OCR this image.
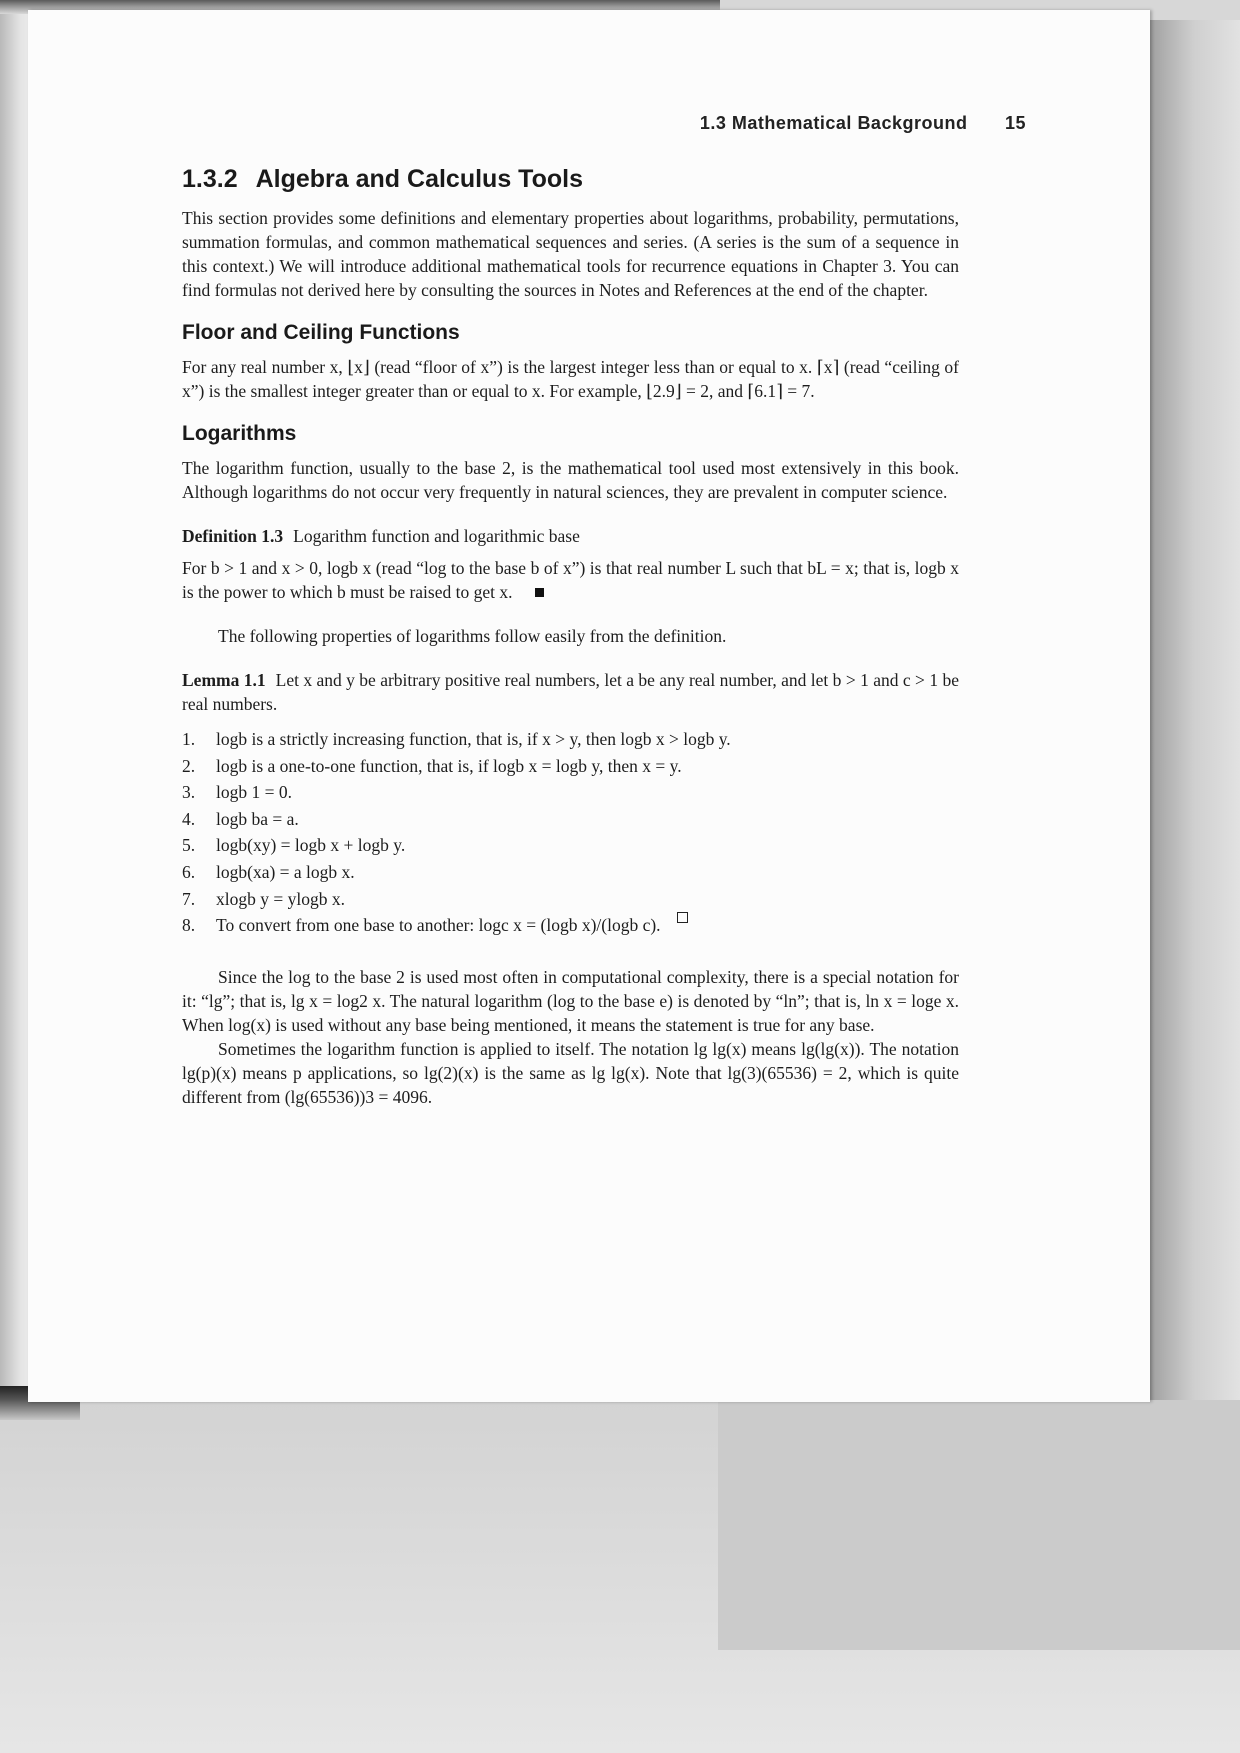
1.3 Mathematical Background 15
1.3.2 Algebra and Calculus Tools

This section provides some definitions and elementary properties about logarithms, probability, permutations, summation formulas, and common mathematical sequences and series. (A series is the sum of a sequence in this context.) We will introduce additional mathematical tools for recurrence equations in Chapter 3. You can find formulas not derived here by consulting the sources in Notes and References at the end of the chapter.

Floor and Ceiling Functions

For any real number x, ⌊x⌋ (read “floor of x”) is the largest integer less than or equal to x. ⌈x⌉ (read “ceiling of x”) is the smallest integer greater than or equal to x. For example, ⌊2.9⌋ = 2, and ⌈6.1⌉ = 7.

Logarithms

The logarithm function, usually to the base 2, is the mathematical tool used most extensively in this book. Although logarithms do not occur very frequently in natural sciences, they are prevalent in computer science.

Definition 1.3 Logarithm function and logarithmic base

For b > 1 and x > 0, logb x (read “log to the base b of x”) is that real number L such that bL = x; that is, logb x is the power to which b must be raised to get x.

The following properties of logarithms follow easily from the definition.

Lemma 1.1 Let x and y be arbitrary positive real numbers, let a be any real number, and let b > 1 and c > 1 be real numbers.

1.	logb is a strictly increasing function, that is, if x > y, then logb x > logb y.
2.	logb is a one-to-one function, that is, if logb x = logb y, then x = y.
3.	logb 1 = 0.
4.	logb ba = a.
5.	logb(xy) = logb x + logb y.
6.	logb(xa) = a logb x.
7.	xlogb y = ylogb x.
8.	To convert from one base to another: logc x = (logb x)/(logb c).

Since the log to the base 2 is used most often in computational complexity, there is a special notation for it: “lg”; that is, lg x = log2 x. The natural logarithm (log to the base e) is denoted by “ln”; that is, ln x = loge x. When log(x) is used without any base being mentioned, it means the statement is true for any base.

Sometimes the logarithm function is applied to itself. The notation lg lg(x) means lg(lg(x)). The notation lg(p)(x) means p applications, so lg(2)(x) is the same as lg lg(x). Note that lg(3)(65536) = 2, which is quite different from (lg(65536))3 = 4096.
